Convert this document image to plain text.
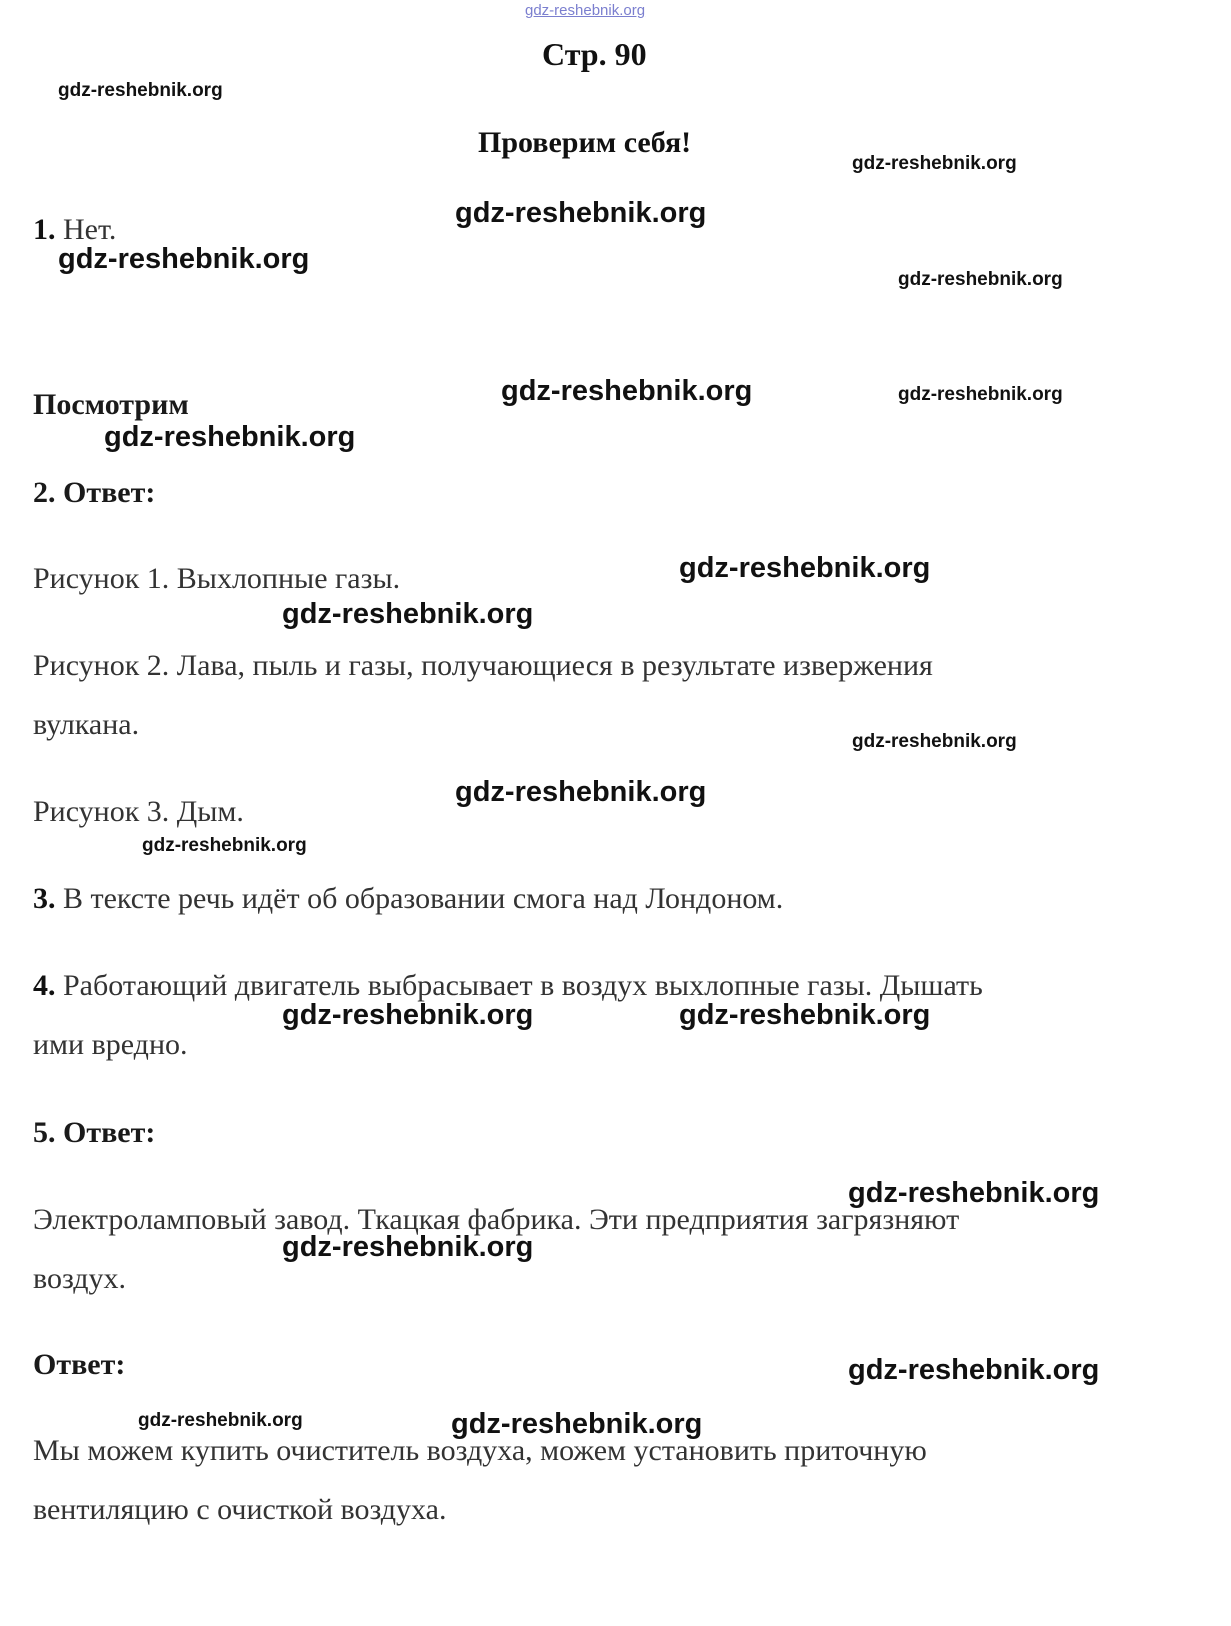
gdz-reshebnik.org
Стр. 90
Проверим себя!
1. Нет.
Посмотрим
2. Ответ:
Рисунок 1. Выхлопные газы.
Рисунок 2. Лава, пыль и газы, получающиеся в результате извержения
вулкана.
Рисунок 3. Дым.
3. В тексте речь идёт об образовании смога над Лондоном.
4. Работающий двигатель выбрасывает в воздух выхлопные газы. Дышать
ими вредно.
5. Ответ:
Электроламповый завод. Ткацкая фабрика. Эти предприятия загрязняют
воздух.
Ответ:
Мы можем купить очиститель воздуха, можем установить приточную
вентиляцию с очисткой воздуха.
gdz-reshebnik.org
gdz-reshebnik.org
gdz-reshebnik.org
gdz-reshebnik.org
gdz-reshebnik.org
gdz-reshebnik.org	gdz-reshebnik.org
gdz-reshebnik.org
gdz-reshebnik.org
gdz-reshebnik.org
gdz-reshebnik.org
gdz-reshebnik.org
gdz-reshebnik.org
gdz-reshebnik.org	gdz-reshebnik.org
gdz-reshebnik.org
gdz-reshebnik.org
gdz-reshebnik.org
gdz-reshebnik.org	gdz-reshebnik.org
